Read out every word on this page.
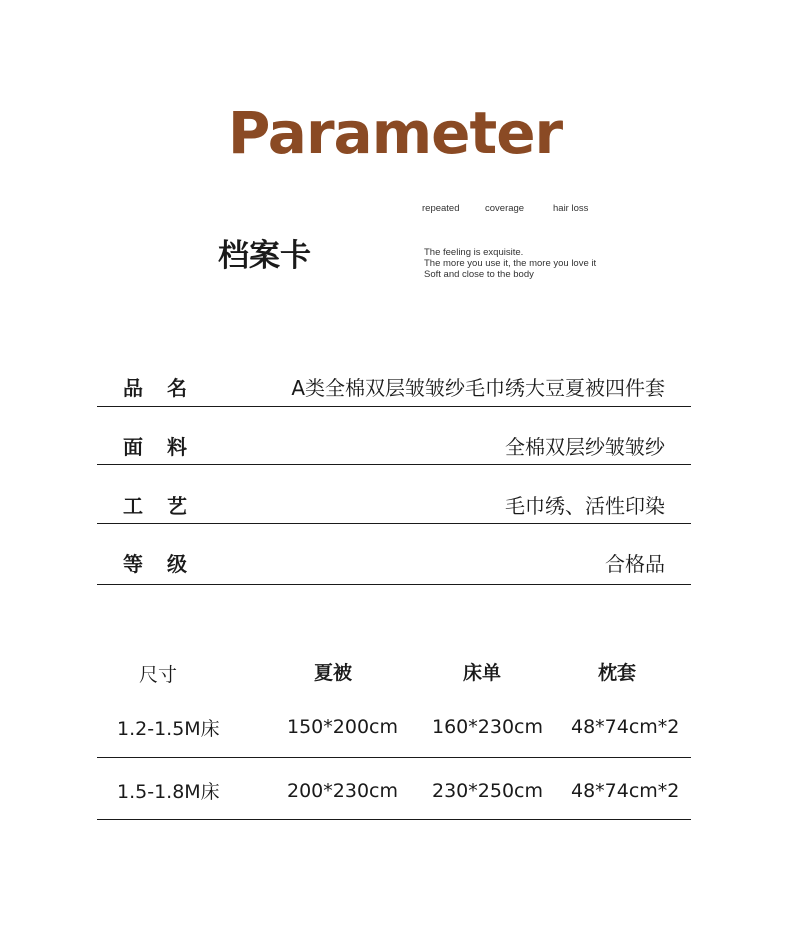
Parameter
档案卡
repeated	coverage	hair loss
The feeling is exquisite.
The more you use it, the more you love it
Soft and close to the body
品名	A类全棉双层皱皱纱毛巾绣大豆夏被四件套
面料	全棉双层纱皱皱纱
工艺	毛巾绣、活性印染
等级	合格品
尺寸	夏被	床单	枕套
1.2-1.5M床	150*200cm 160*230cm 48*74cm*2
1.5-1.8M床	200*230cm 230*250cm 48*74cm*2
